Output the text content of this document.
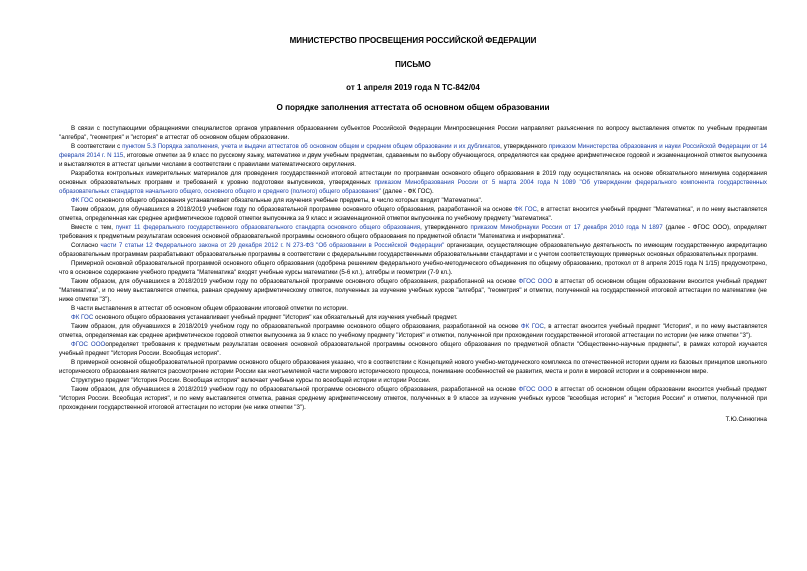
МИНИСТЕРСТВО ПРОСВЕЩЕНИЯ РОССИЙСКОЙ ФЕДЕРАЦИИ
ПИСЬМО
от 1 апреля 2019 года N ТС-842/04
О порядке заполнения аттестата об основном общем образовании

В связи с поступающими обращениями специалистов органов управления образованием субъектов Российской Федерации Минпросвещения России направляет разъяснения по вопросу выставления отметок по учебным предметам "алгебра", "геометрия" и "история" в аттестат об основном общем образовании.

В соответствии с пунктом 5.3 Порядка заполнения, учета и выдачи аттестатов об основном общем и среднем общем образовании и их дубликатов, утвержденного приказом Министерства образования и науки Российской Федерации от 14 февраля 2014 г. N 115, итоговые отметки за 9 класс по русскому языку, математике и двум учебным предметам, сдаваемым по выбору обучающегося, определяются как среднее арифметическое годовой и экзаменационной отметок выпускника и выставляются в аттестат целыми числами в соответствии с правилами математического округления.

Разработка контрольных измерительных материалов для проведения государственной итоговой аттестации по программам основного общего образования в 2019 году осуществлялась на основе обязательного минимума содержания основных образовательных программ и требований к уровню подготовки выпускников, утвержденных приказом Минобразования России от 5 марта 2004 года N 1089 "Об утверждении федерального компонента государственных образовательных стандартов начального общего, основного общего и среднего (полного) общего образования" (далее - ФК ГОС).

ФК ГОС основного общего образования устанавливает обязательные для изучения учебные предметы, в число которых входит "Математика".

Таким образом, для обучавшихся в 2018/2019 учебном году по образовательной программе основного общего образования, разработанной на основе ФК ГОС, в аттестат вносится учебный предмет "Математика", и по нему выставляется отметка, определенная как среднее арифметическое годовой отметки выпускника за 9 класс и экзаменационной отметки выпускника по учебному предмету "математика".

Вместе с тем, пункт 11 федерального государственного образовательного стандарта основного общего образования, утвержденного приказом Минобрнауки России от 17 декабря 2010 года N 1897 (далее - ФГОС ООО), определяет требования к предметным результатам освоения основной образовательной программы основного общего образования по предметной области "Математика и информатика".

Согласно части 7 статьи 12 Федерального закона от 29 декабря 2012 г. N 273-ФЗ "Об образовании в Российской Федерации" организации, осуществляющие образовательную деятельность по имеющим государственную аккредитацию образовательным программам разрабатывают образовательные программы в соответствии с федеральными государственными образовательными стандартами и с учетом соответствующих примерных основных образовательных программ.

Примерной основной образовательной программой основного общего образования (одобрена решением федерального учебно-методического объединения по общему образованию, протокол от 8 апреля 2015 года N 1/15) предусмотрено, что в основное содержание учебного предмета "Математика" входят учебные курсы математики (5-6 кл.), алгебры и геометрии (7-9 кл.).

Таким образом, для обучавшихся в 2018/2019 учебном году по образовательной программе основного общего образования, разработанной на основе ФГОС ООО в аттестат об основном общем образовании вносится учебный предмет "Математика", и по нему выставляется отметка, равная среднему арифметическому отметок, полученных за изучение учебных курсов "алгебра", "геометрия" и отметки, полученной на государственной итоговой аттестации по математике (не ниже отметки "3").

В части выставления в аттестат об основном общем образовании итоговой отметки по истории.

ФК ГОС основного общего образования устанавливает учебный предмет "История" как обязательный для изучения учебный предмет.

Таким образом, для обучавшихся в 2018/2019 учебном году по образовательной программе основного общего образования, разработанной на основе ФК ГОС, в аттестат вносится учебный предмет "История", и по нему выставляется отметка, определяемая как среднее арифметическое годовой отметки выпускника за 9 класс по учебному предмету "История" и отметки, полученной при прохождении государственной итоговой аттестации по истории (не ниже отметки "3").

ФГОС ОООопределяет требования к предметным результатам освоения основной образовательной программы основного общего образования по предметной области "Общественно-научные предметы", в рамках которой изучается учебный предмет "История России. Всеобщая история".

В примерной основной общеобразовательной программе основного общего образования указано, что в соответствии с Концепцией нового учебно-методического комплекса по отечественной истории одним из базовых принципов школьного исторического образования является рассмотрение истории России как неотъемлемой части мирового исторического процесса, понимание особенностей ее развития, места и роли в мировой истории и в современном мире.

Структурно предмет "История России. Всеобщая история" включает учебные курсы по всеобщей истории и истории России.

Таким образом, для обучавшихся в 2018/2019 учебном году по образовательной программе основного общего образования, разработанной на основе ФГОС ООО в аттестат об основном общем образовании вносится учебный предмет "История России. Всеобщая история", и по нему выставляется отметка, равная среднему арифметическому отметок, полученных в 9 классе за изучение учебных курсов "всеобщая история" и "история России" и отметки, полученной при прохождении государственной итоговой аттестации по истории (не ниже отметки "3").

Т.Ю.Синюгина
